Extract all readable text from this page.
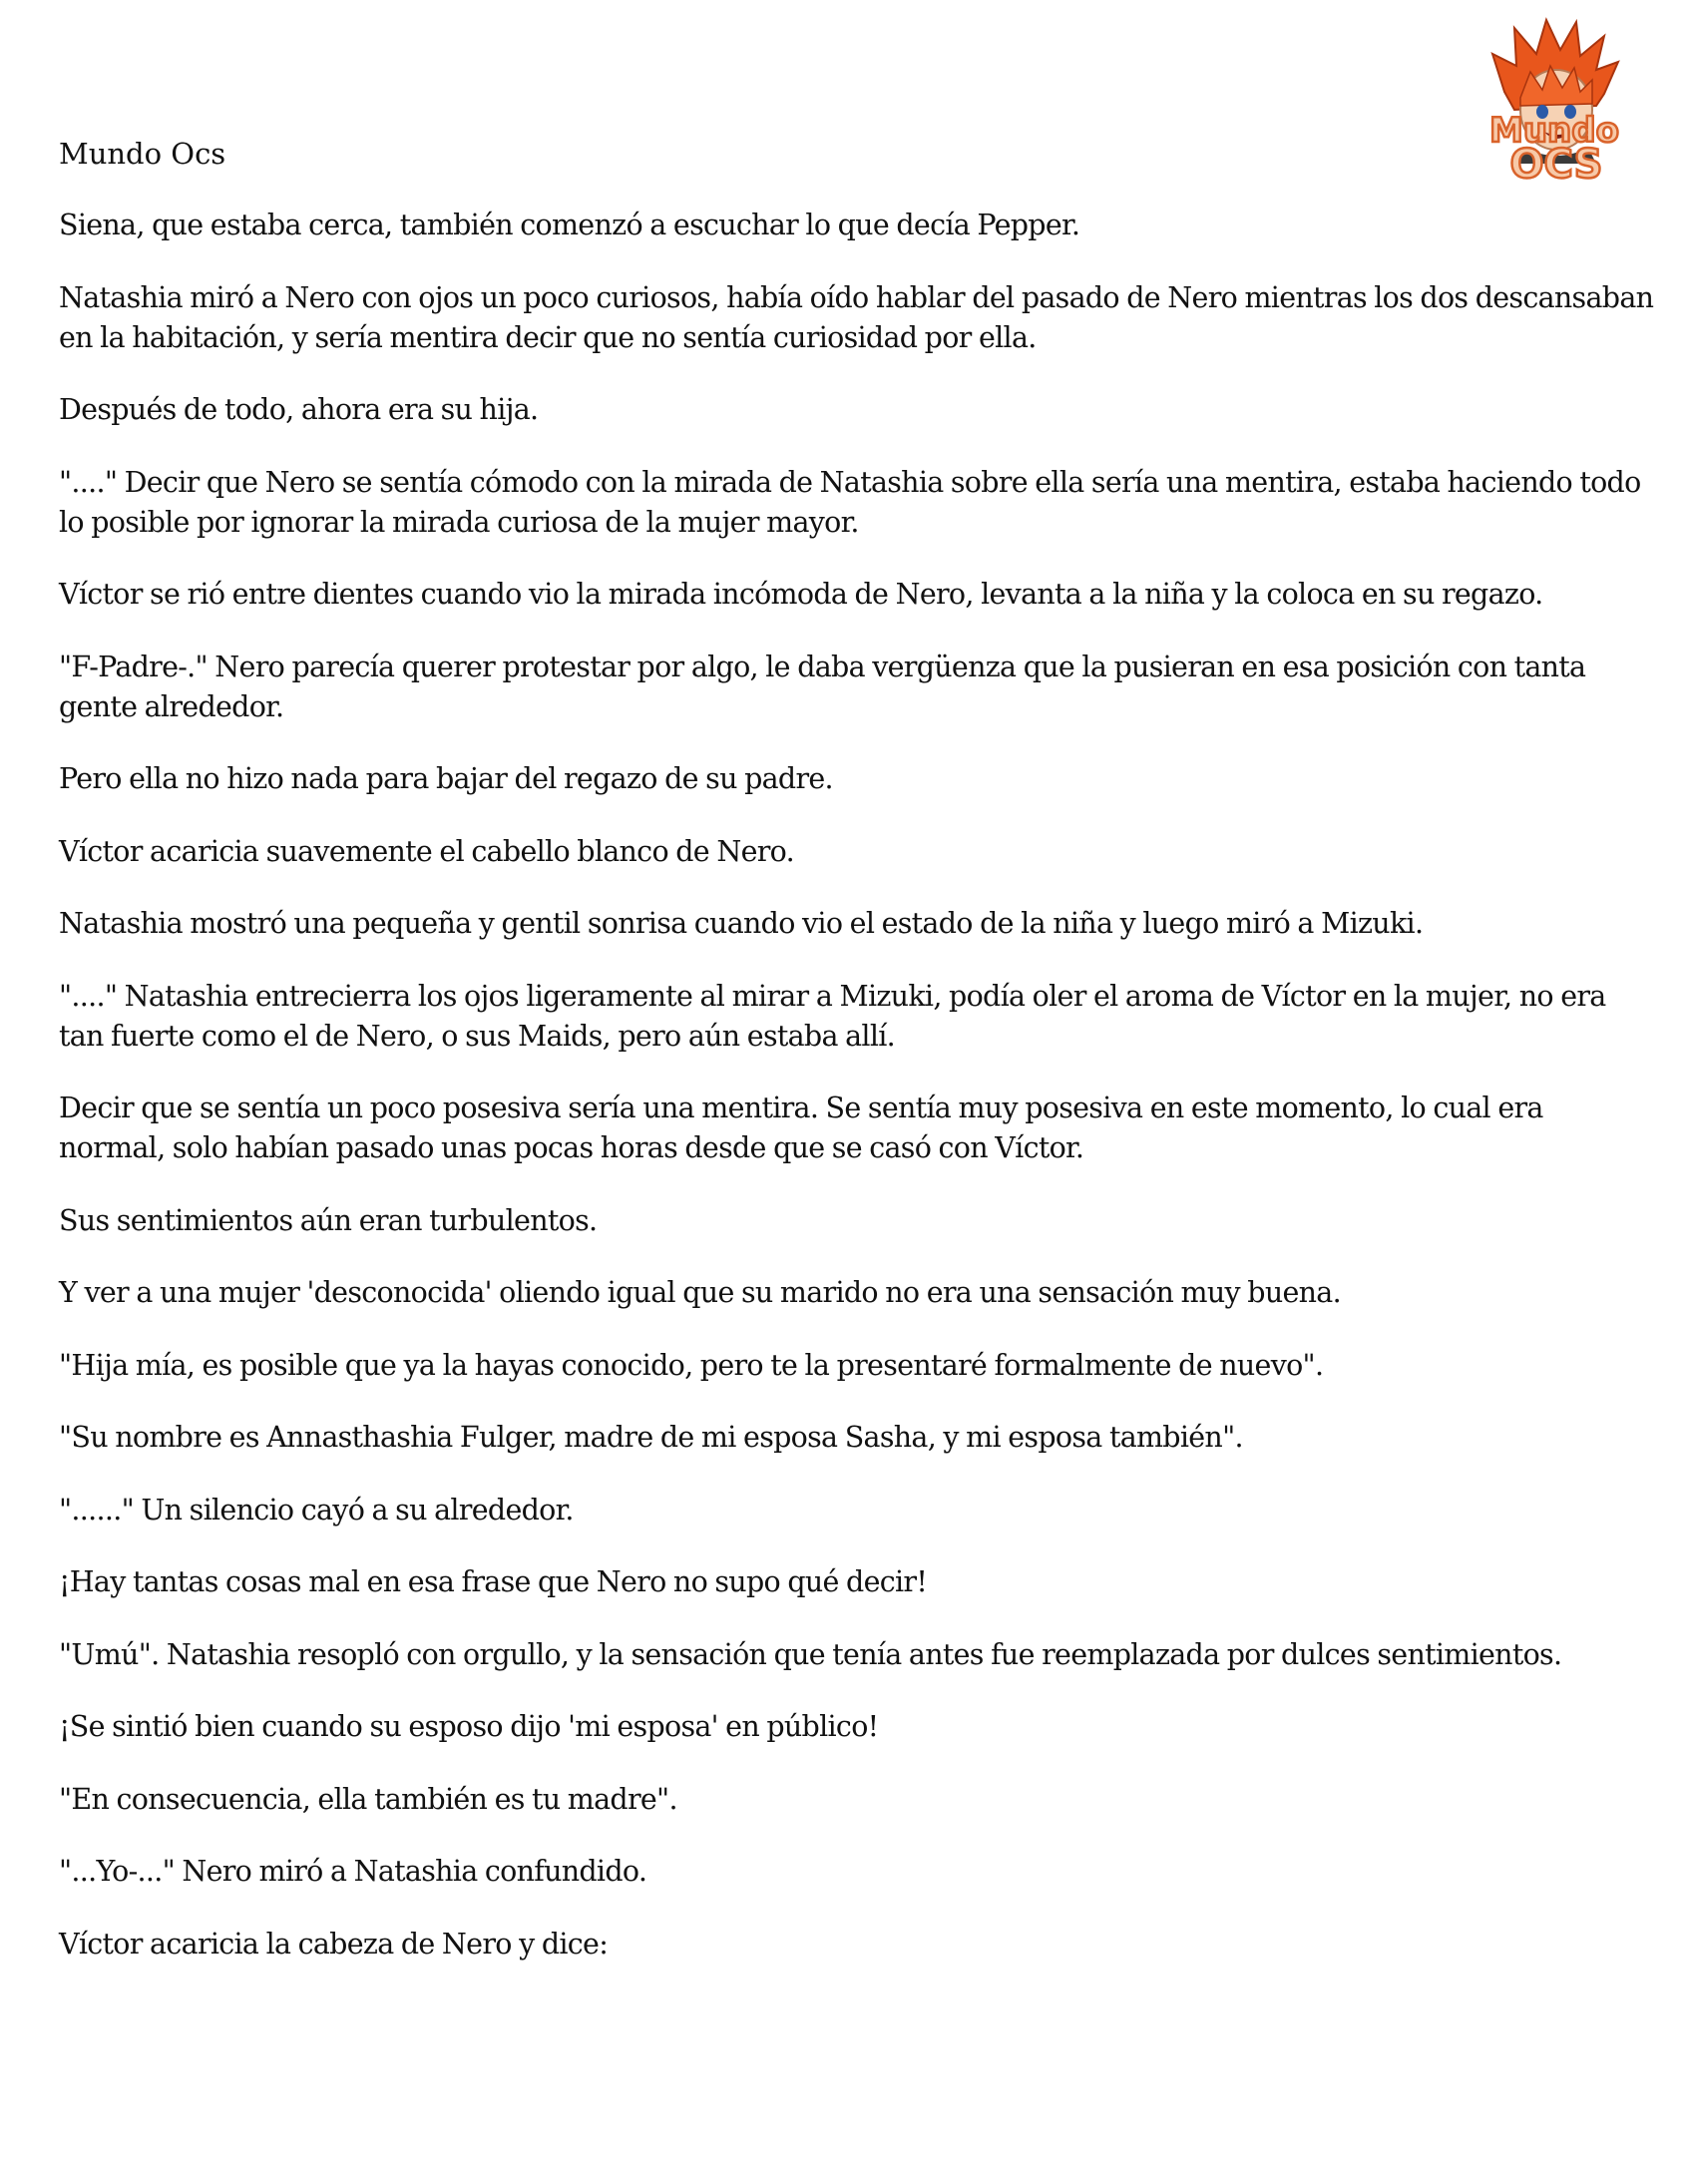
Mundo
OCS

Mundo Ocs

Siena, que estaba cerca, también comenzó a escuchar lo que decía Pepper.

Natashia miró a Nero con ojos un poco curiosos, había oído hablar del pasado de Nero mientras los dos descansaban en la habitación, y sería mentira decir que no sentía curiosidad por ella.

Después de todo, ahora era su hija.

"...." Decir que Nero se sentía cómodo con la mirada de Natashia sobre ella sería una mentira, estaba haciendo todo lo posible por ignorar la mirada curiosa de la mujer mayor.

Víctor se rió entre dientes cuando vio la mirada incómoda de Nero, levanta a la niña y la coloca en su regazo.

"F-Padre-." Nero parecía querer protestar por algo, le daba vergüenza que la pusieran en esa posición con tanta gente alrededor.

Pero ella no hizo nada para bajar del regazo de su padre.

Víctor acaricia suavemente el cabello blanco de Nero.

Natashia mostró una pequeña y gentil sonrisa cuando vio el estado de la niña y luego miró a Mizuki.

"...." Natashia entrecierra los ojos ligeramente al mirar a Mizuki, podía oler el aroma de Víctor en la mujer, no era tan fuerte como el de Nero, o sus Maids, pero aún estaba allí.

Decir que se sentía un poco posesiva sería una mentira. Se sentía muy posesiva en este momento, lo cual era normal, solo habían pasado unas pocas horas desde que se casó con Víctor.

Sus sentimientos aún eran turbulentos.

Y ver a una mujer 'desconocida' oliendo igual que su marido no era una sensación muy buena.

"Hija mía, es posible que ya la hayas conocido, pero te la presentaré formalmente de nuevo".

"Su nombre es Annasthashia Fulger, madre de mi esposa Sasha, y mi esposa también".

"......" Un silencio cayó a su alrededor.

¡Hay tantas cosas mal en esa frase que Nero no supo qué decir!

"Umú". Natashia resopló con orgullo, y la sensación que tenía antes fue reemplazada por dulces sentimientos.

¡Se sintió bien cuando su esposo dijo 'mi esposa' en público!

"En consecuencia, ella también es tu madre".

"...Yo-..." Nero miró a Natashia confundido.

Víctor acaricia la cabeza de Nero y dice:
